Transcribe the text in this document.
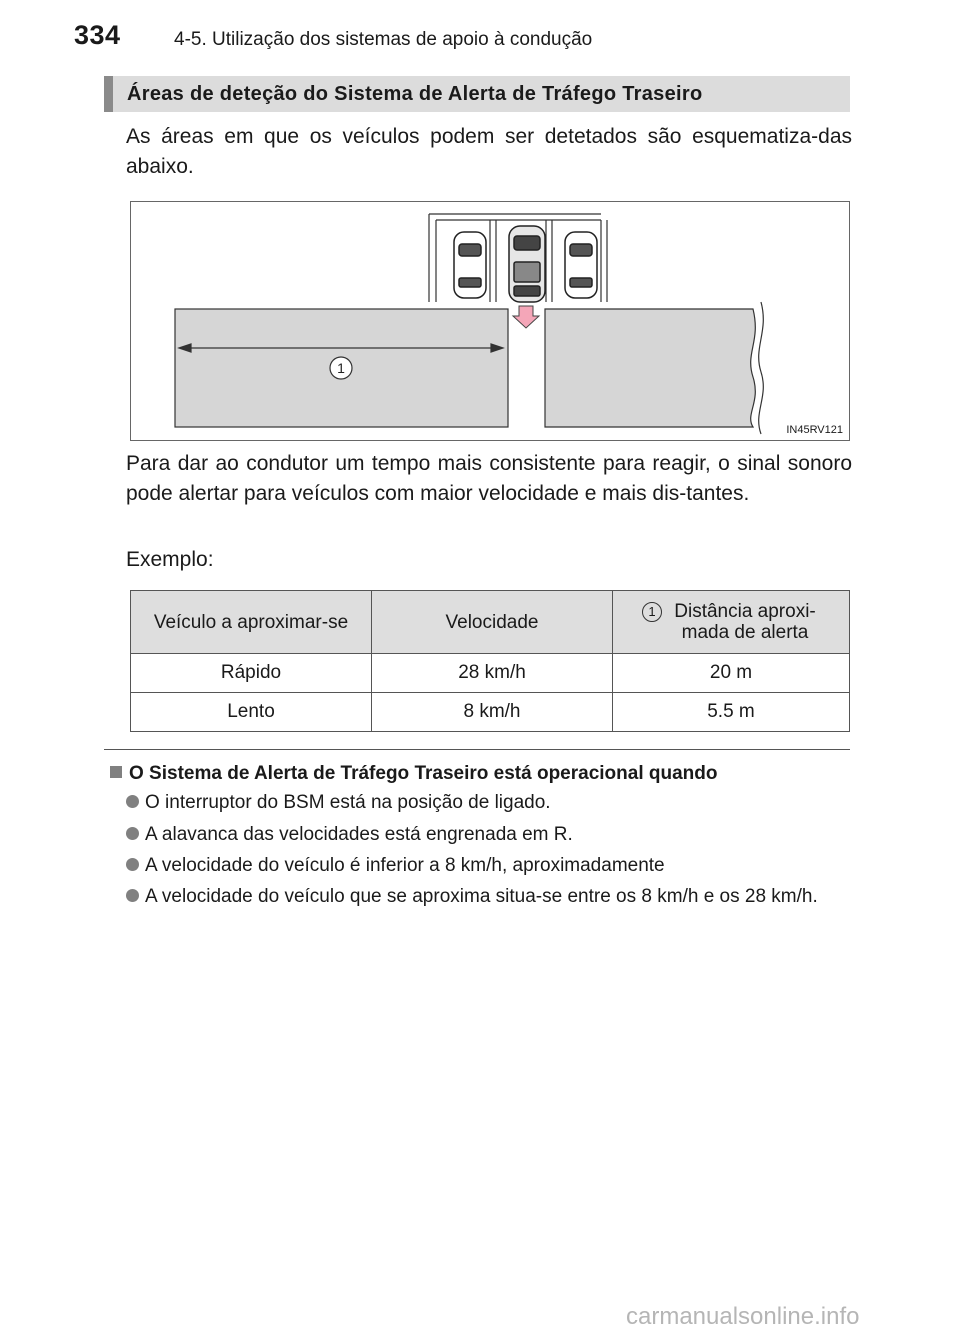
334	4-5. Utilização dos sistemas de apoio à condução
Áreas de deteção do Sistema de Alerta de Tráfego Traseiro
As áreas em que os veículos podem ser detetados são esquematiza-das abaixo.
1
IN45RV121
Para dar ao condutor um tempo mais consistente para reagir, o sinal sonoro pode alertar para veículos com maior velocidade e mais dis-tantes.
Exemplo:
Veículo a aproximar-se	Velocidade	1 Distância aproxi-mada de alerta

Rápido	28 km/h	20 m
Lento	8 km/h	5.5 m
O Sistema de Alerta de Tráfego Traseiro está operacional quando
O interruptor do BSM está na posição de ligado.
A alavanca das velocidades está engrenada em R.
A velocidade do veículo é inferior a 8 km/h, aproximadamente
A velocidade do veículo que se aproxima situa-se entre os 8 km/h e os 28 km/h.
carmanualsonline.info
